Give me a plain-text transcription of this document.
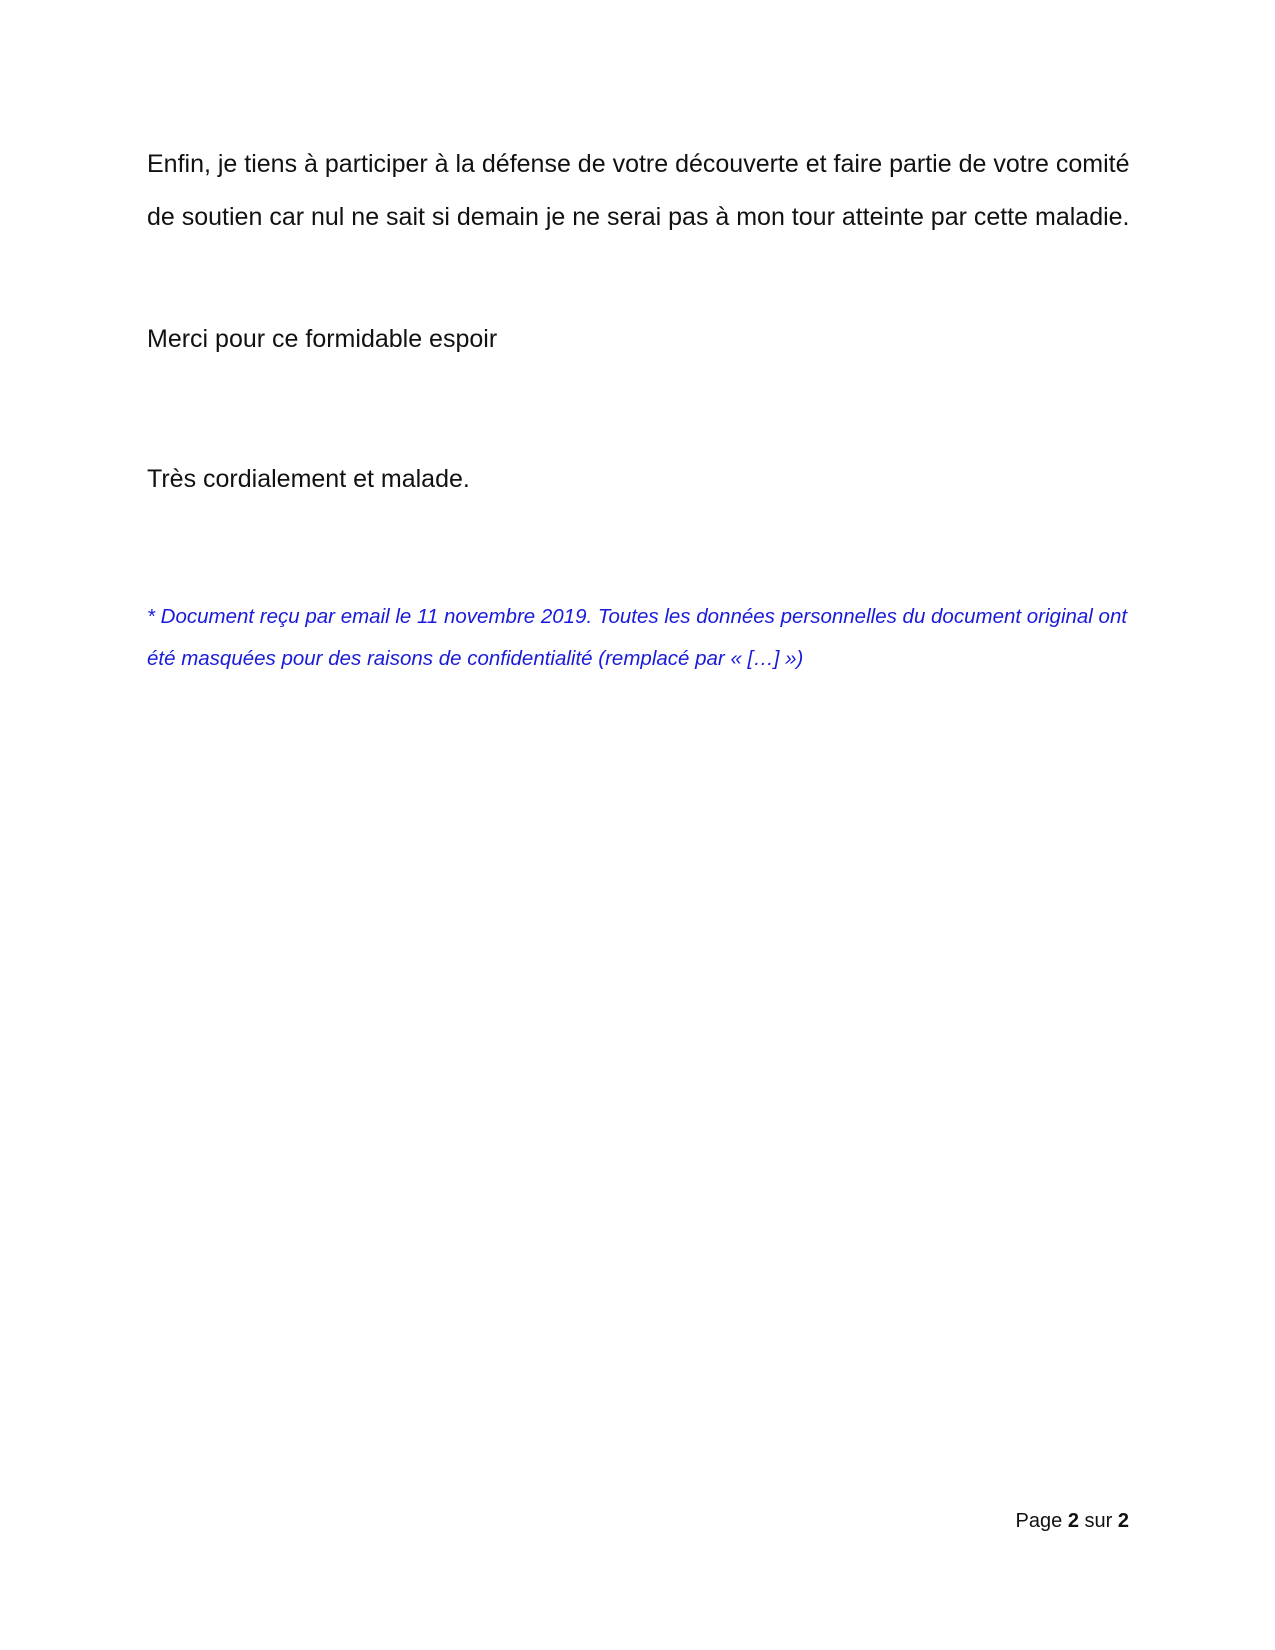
Enfin, je tiens à participer à la défense de votre découverte et faire partie de votre comité de soutien car nul ne sait si demain je ne serai pas à mon tour atteinte par cette maladie.

Merci pour ce formidable espoir

Très cordialement et malade.

* Document reçu par email le 11 novembre 2019. Toutes les données personnelles du document original ont été masquées pour des raisons de confidentialité (remplacé par « […] »)

Page 2 sur 2
